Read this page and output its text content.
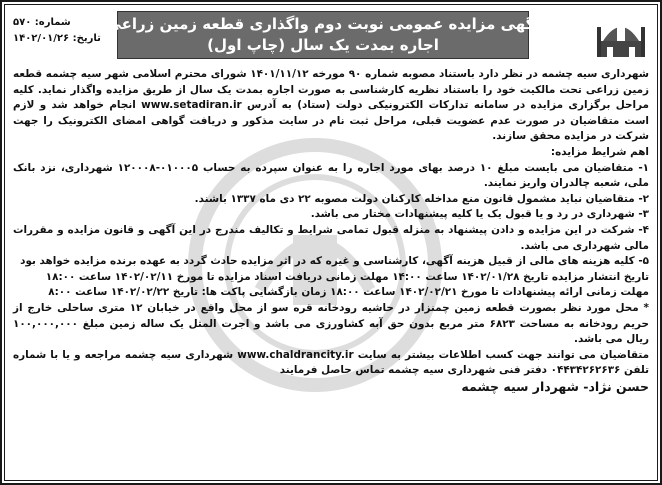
شماره: ۵۷۰
تاریخ: ۱۴۰۲/۰۱/۲۶
آگهی مزایده عمومی نوبت دوم واگذاری قطعه زمین زراعی
اجاره بمدت یک سال (چاپ اول)

شهرداری سیه چشمه در نظر دارد باستناد مصوبه شماره ۹۰ مورخه ۱۴۰۱/۱۱/۱۲ شورای محترم اسلامی شهر سیه چشمه قطعه زمین زراعی تحت مالکیت خود را باستناد نظریه کارشناسی به صورت اجاره بمدت یک سال از طریق مزایده واگذار نماید. کلیه مراحل برگزاری مزایده در سامانه تدارکات الکترونیکی دولت (ستاد) به آدرس www.setadiran.ir انجام خواهد شد و لازم است متقاضیان در صورت عدم عضویت قبلی، مراحل ثبت نام در سایت مذکور و دریافت گواهی امضای الکترونیک را جهت شرکت در مزایده محقق سازند.

اهم شرایط مزایده:

۱- متقاضیان می بایست مبلغ ۱۰ درصد بهای مورد اجاره را به عنوان سپرده به حساب ۰۱۰۰۰۵-۱۲۰۰۰۸ شهرداری، نزد بانک ملی، شعبه چالدران واریز نمایند.

۲- متقاضیان نباید مشمول قانون منع مداخله کارکنان دولت مصوبه ۲۲ دی ماه ۱۳۳۷ باشند.

۳- شهرداری در رد و یا قبول یک یا کلیه پیشنهادات مختار می باشد.

۴- شرکت در این مزایده و دادن پیشنهاد به منزله قبول تمامی شرایط و تکالیف مندرج در این آگهی و قانون مزایده و مقررات مالی شهرداری می باشد.

۵- کلیه هزینه های مالی از قبیل هزینه آگهی، کارشناسی و غیره که در اثر مزایده حادث گردد به عهده برنده مزایده خواهد بود

تاریخ انتشار مزایده تاریخ ۱۴۰۲/۰۱/۲۸ ساعت ۱۴:۰۰ مهلت زمانی دریافت اسناد مزایده تا مورخ ۱۴۰۲/۰۲/۱۱ ساعت ۱۸:۰۰

مهلت زمانی ارائه پیشنهادات تا مورخ ۱۴۰۲/۰۲/۲۱ ساعت ۱۸:۰۰ زمان بازگشایی پاکت ها: تاریخ ۱۴۰۲/۰۲/۲۲ ساعت ۸:۰۰

* محل مورد نظر بصورت قطعه زمین چمنزار در حاشیه رودخانه قره سو از محل واقع در خیابان ۱۲ متری ساحلی خارج از حریم رودخانه به مساحت ۶۸۲۳ متر مربع بدون حق آبه کشاورزی می باشد و اجرت المثل یک ساله زمین مبلغ ۱۰۰,۰۰۰,۰۰۰ ریال می باشد.

متقاضیان می توانند جهت کسب اطلاعات بیشتر به سایت www.chaldrancity.ir شهرداری سیه چشمه مراجعه و یا با شماره تلفن ۰۴۴۳۴۲۶۲۶۳۶ دفتر فنی شهرداری سیه چشمه تماس حاصل فرمایند

حسن نژاد- شهردار سیه چشمه
